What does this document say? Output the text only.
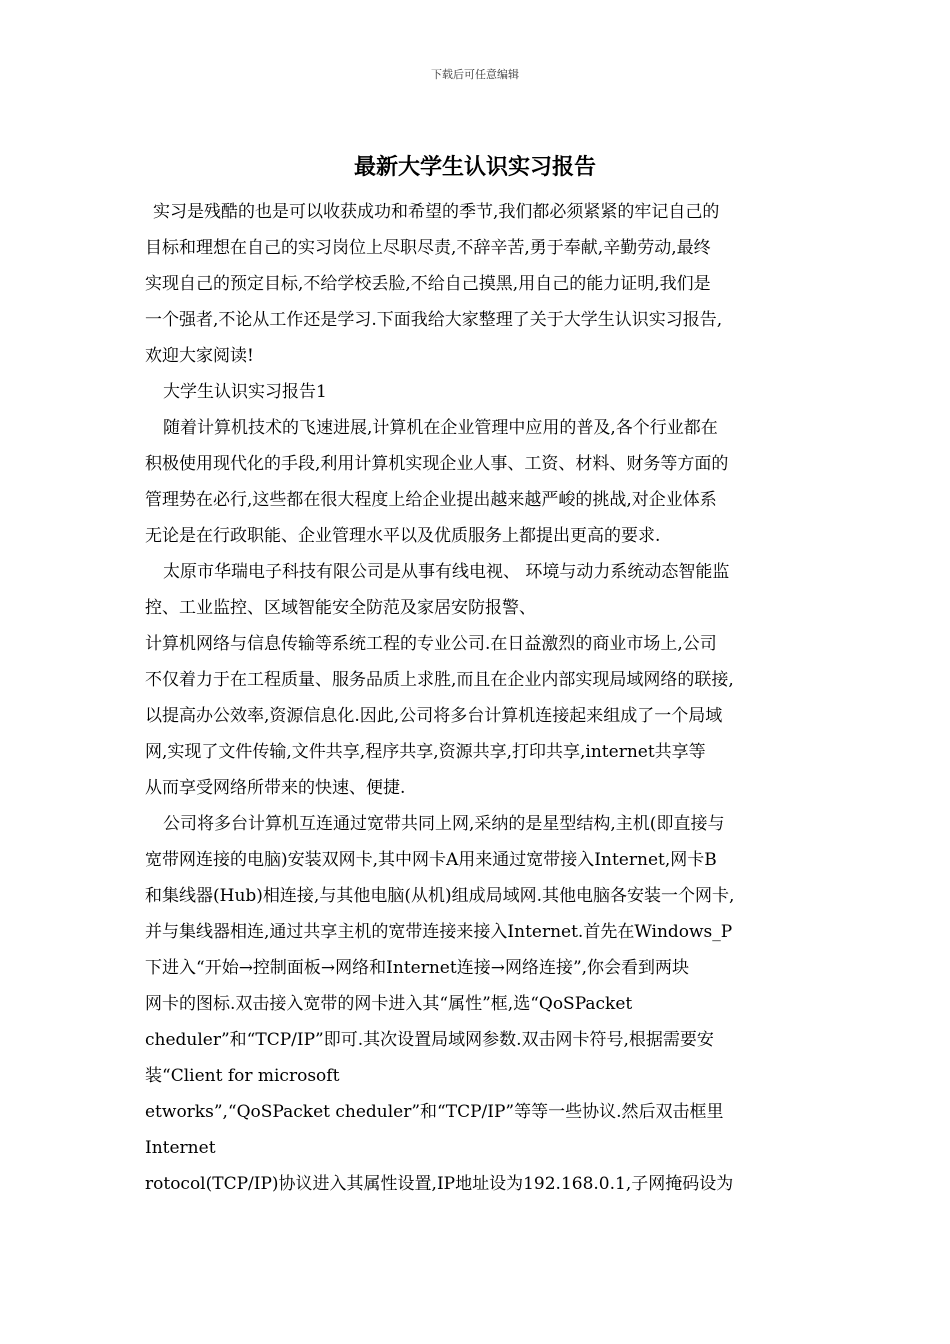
下载后可任意编辑
最新大学生认识实习报告
实习是残酷的也是可以收获成功和希望的季节,我们都必须紧紧的牢记自己的
目标和理想在自己的实习岗位上尽职尽责,不辞辛苦,勇于奉献,辛勤劳动,最终
实现自己的预定目标,不给学校丢脸,不给自己摸黑,用自己的能力证明,我们是
一个强者,不论从工作还是学习.下面我给大家整理了关于大学生认识实习报告,
欢迎大家阅读!
大学生认识实习报告1
随着计算机技术的飞速进展,计算机在企业管理中应用的普及,各个行业都在
积极使用现代化的手段,利用计算机实现企业人事、工资、材料、财务等方面的
管理势在必行,这些都在很大程度上给企业提出越来越严峻的挑战,对企业体系
无论是在行政职能、企业管理水平以及优质服务上都提出更高的要求.
太原市华瑞电子科技有限公司是从事有线电视、 环境与动力系统动态智能监
控、工业监控、区域智能安全防范及家居安防报警、
计算机网络与信息传输等系统工程的专业公司.在日益激烈的商业市场上,公司
不仅着力于在工程质量、服务品质上求胜,而且在企业内部实现局域网络的联接,
以提高办公效率,资源信息化.因此,公司将多台计算机连接起来组成了一个局域
网,实现了文件传输,文件共享,程序共享,资源共享,打印共享,internet共享等
从而享受网络所带来的快速、便捷.
公司将多台计算机互连通过宽带共同上网,采纳的是星型结构,主机(即直接与
宽带网连接的电脑)安装双网卡,其中网卡A用来通过宽带接入Internet,网卡B
和集线器(Hub)相连接,与其他电脑(从机)组成局域网.其他电脑各安装一个网卡,
并与集线器相连,通过共享主机的宽带连接来接入Internet.首先在Windows_P
下进入“开始→控制面板→网络和Internet连接→网络连接”,你会看到两块
网卡的图标.双击接入宽带的网卡进入其“属性”框,选“QoSPacket
cheduler”和“TCP/IP”即可.其次设置局域网参数.双击网卡符号,根据需要安
装“Client for microsoft
etworks”,“QoSPacket cheduler”和“TCP/IP”等等一些协议.然后双击框里
Internet
rotocol(TCP/IP)协议进入其属性设置,IP地址设为192.168.0.1,子网掩码设为
